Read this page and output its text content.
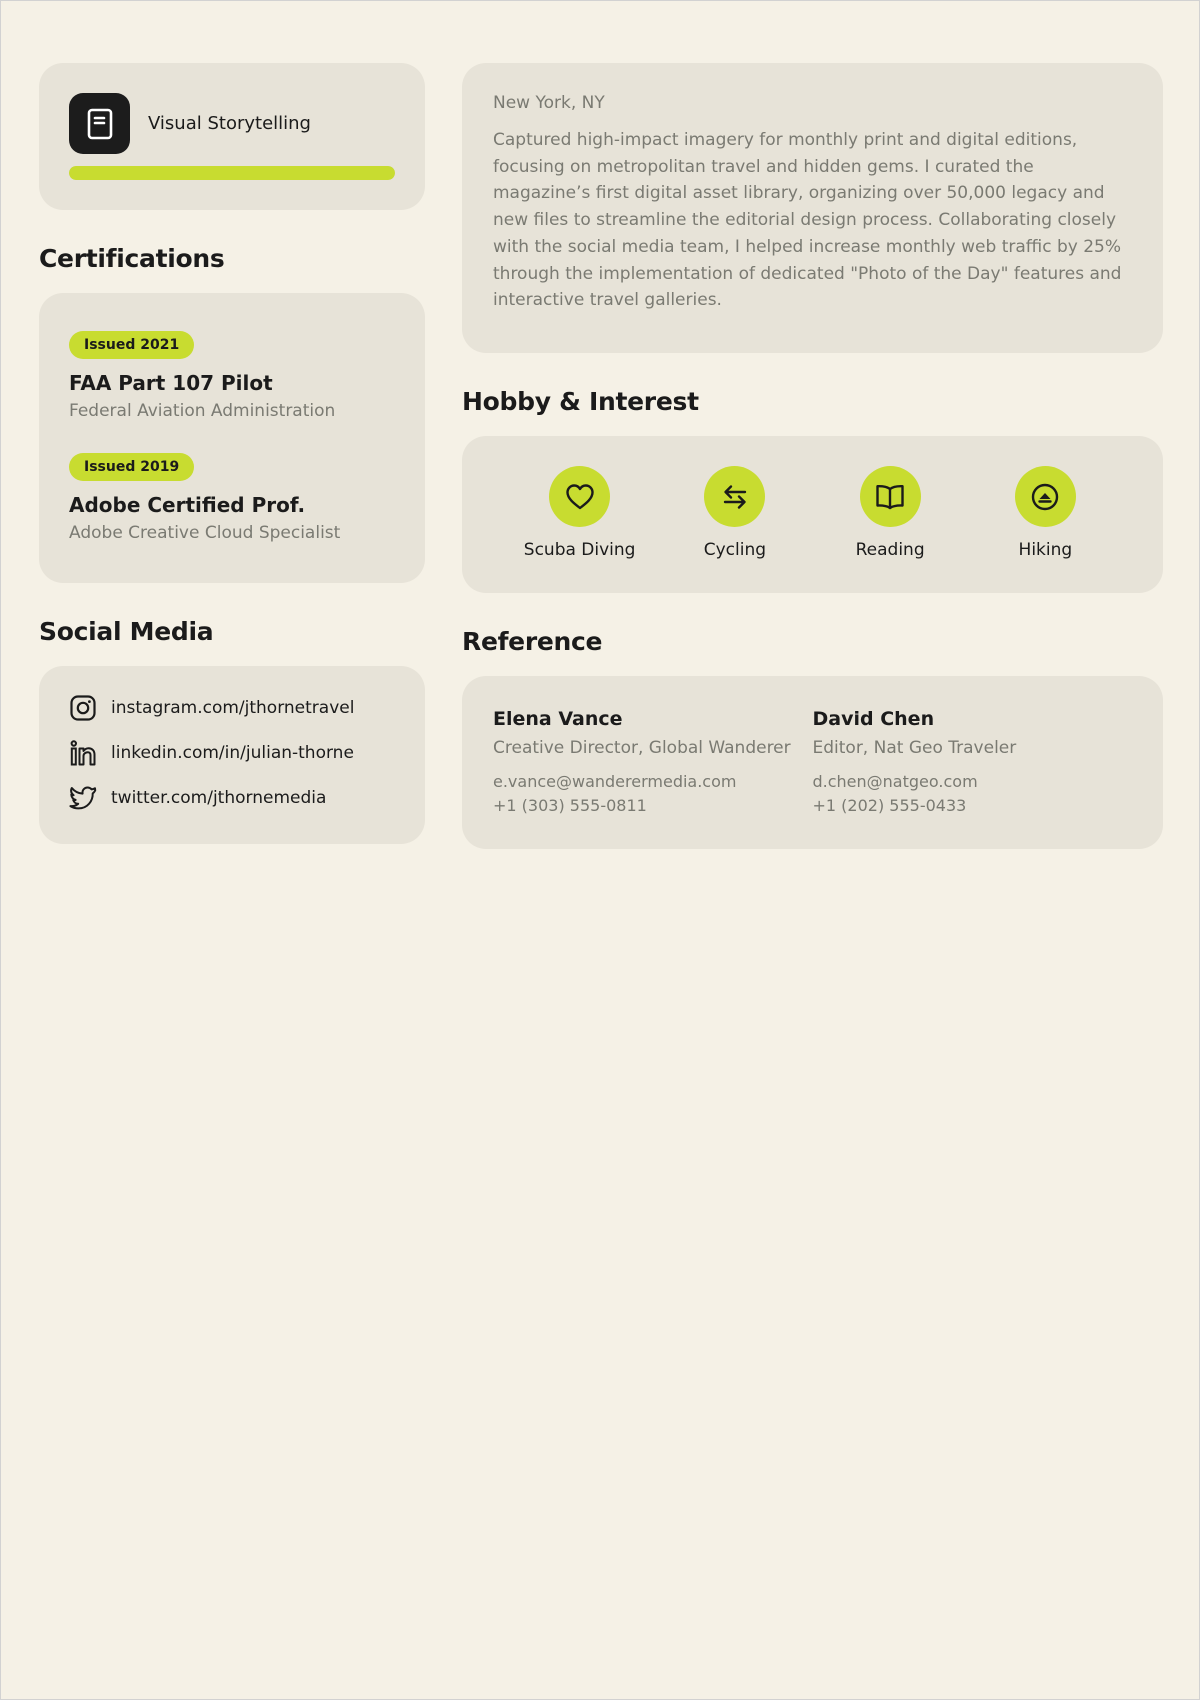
Visual Storytelling
Certifications
Issued 2021
FAA Part 107 Pilot
Federal Aviation Administration
Issued 2019
Adobe Certified Prof.
Adobe Creative Cloud Specialist
Social Media
instagram.com/jthornetravel
linkedin.com/in/julian-thorne
twitter.com/jthornemedia
New York, NY

Captured high-impact imagery for monthly print and digital editions, focusing on metropolitan travel and hidden gems. I curated the magazine’s first digital asset library, organizing over 50,000 legacy and new files to streamline the editorial design process. Collaborating closely with the social media team, I helped increase monthly web traffic by 25% through the implementation of dedicated "Photo of the Day" features and interactive travel galleries.

Hobby & Interest
Scuba Diving	Cycling	Reading	Hiking
Reference
Elena Vance
Creative Director, Global Wanderer
e.vance@wanderermedia.com
+1 (303) 555-0811
David Chen
Editor, Nat Geo Traveler
d.chen@natgeo.com
+1 (202) 555-0433
